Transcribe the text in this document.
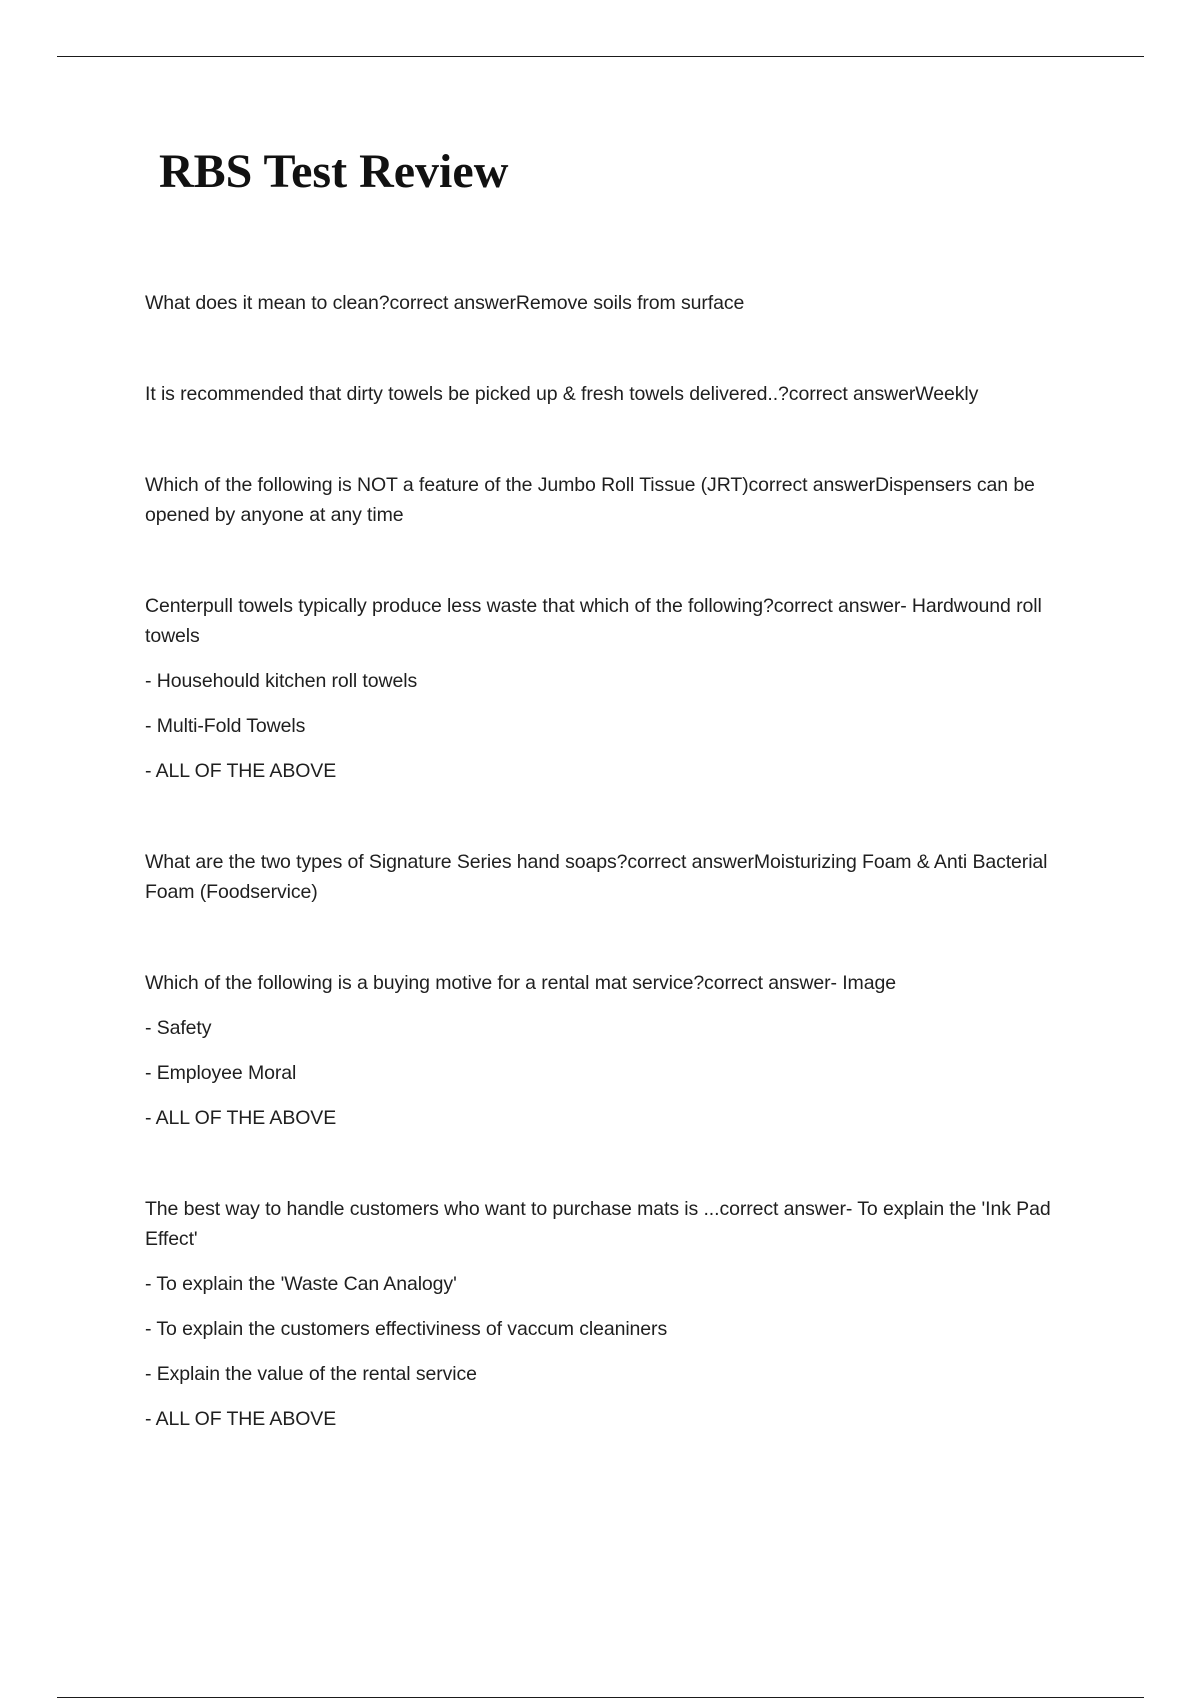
RBS Test Review

What does it mean to clean?correct answerRemove soils from surface

It is recommended that dirty towels be picked up & fresh towels delivered..?correct answerWeekly

Which of the following is NOT a feature of the Jumbo Roll Tissue (JRT)correct answerDispensers can be opened by anyone at any time

Centerpull towels typically produce less waste that which of the following?correct answer- Hardwound roll towels

- Househould kitchen roll towels

- Multi-Fold Towels

- ALL OF THE ABOVE

What are the two types of Signature Series hand soaps?correct answerMoisturizing Foam & Anti Bacterial Foam (Foodservice)

Which of the following is a buying motive for a rental mat service?correct answer- Image

- Safety

- Employee Moral

- ALL OF THE ABOVE

The best way to handle customers who want to purchase mats is ...correct answer- To explain the 'Ink Pad Effect'

- To explain the 'Waste Can Analogy'

- To explain the customers effectiviness of vaccum cleaniners

- Explain the value of the rental service

- ALL OF THE ABOVE
